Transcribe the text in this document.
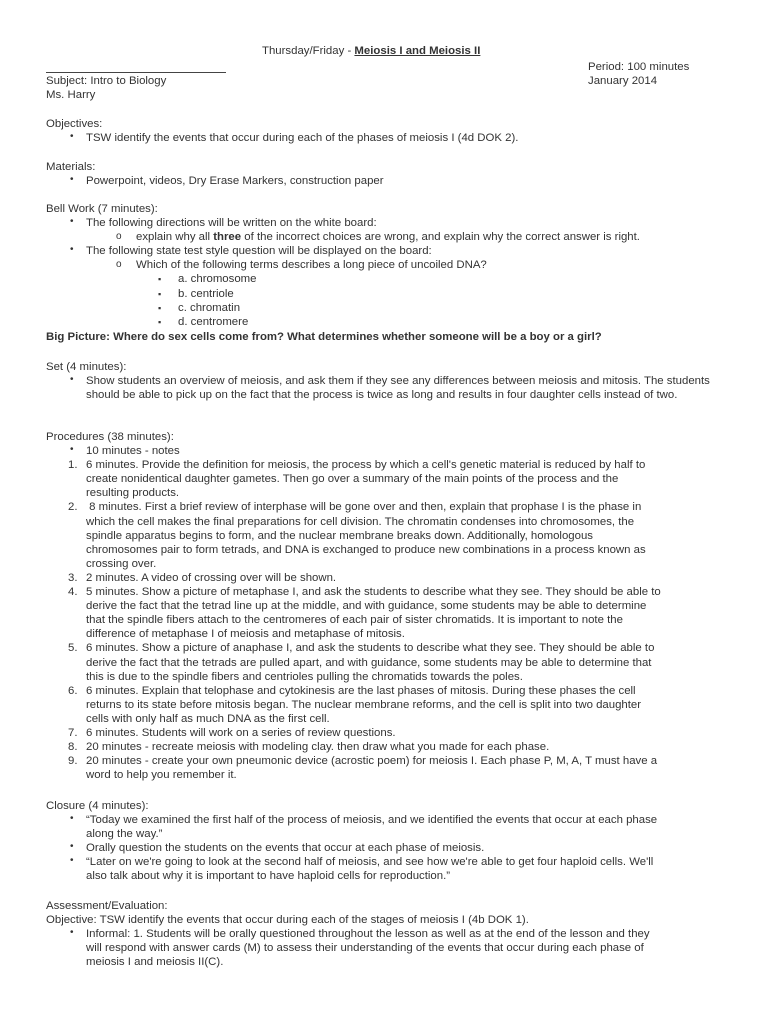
Thursday/Friday - Meiosis I and Meiosis II
Subject: Intro to Biology
Ms. Harry
Period: 100 minutes
January 2014

Objectives:

• TSW identify the events that occur during each of the phases of meiosis I (4d DOK 2).

Materials:

• Powerpoint, videos, Dry Erase Markers, construction paper

Bell Work (7 minutes):

• The following directions will be written on the white board:
o explain why all three of the incorrect choices are wrong, and explain why the correct answer is right.
• The following state test style question will be displayed on the board:
o Which of the following terms describes a long piece of uncoiled DNA?
▪ a. chromosome
▪ b. centriole
▪ c. chromatin
▪ d. centromere

Big Picture: Where do sex cells come from? What determines whether someone will be a boy or a girl?

Set (4 minutes):

• Show students an overview of meiosis, and ask them if they see any differences between meiosis and mitosis. The students should be able to pick up on the fact that the process is twice as long and results in four daughter cells instead of two.

Procedures (38 minutes):

• 10 minutes - notes
1. 6 minutes. Provide the definition for meiosis, the process by which a cell's genetic material is reduced by half to
create nonidentical daughter gametes. Then go over a summary of the main points of the process and the
resulting products.
2. 8 minutes. First a brief review of interphase will be gone over and then, explain that prophase I is the phase in
which the cell makes the final preparations for cell division. The chromatin condenses into chromosomes, the
spindle apparatus begins to form, and the nuclear membrane breaks down. Additionally, homologous
chromosomes pair to form tetrads, and DNA is exchanged to produce new combinations in a process known as
crossing over.
3. 2 minutes. A video of crossing over will be shown.
4. 5 minutes. Show a picture of metaphase I, and ask the students to describe what they see. They should be able to
derive the fact that the tetrad line up at the middle, and with guidance, some students may be able to determine
that the spindle fibers attach to the centromeres of each pair of sister chromatids. It is important to note the
difference of metaphase I of meiosis and metaphase of mitosis.
5. 6 minutes. Show a picture of anaphase I, and ask the students to describe what they see. They should be able to
derive the fact that the tetrads are pulled apart, and with guidance, some students may be able to determine that
this is due to the spindle fibers and centrioles pulling the chromatids towards the poles.
6. 6 minutes. Explain that telophase and cytokinesis are the last phases of mitosis. During these phases the cell
returns to its state before mitosis began. The nuclear membrane reforms, and the cell is split into two daughter
cells with only half as much DNA as the first cell.
7. 6 minutes. Students will work on a series of review questions.
8. 20 minutes - recreate meiosis with modeling clay. then draw what you made for each phase.
9. 20 minutes - create your own pneumonic device (acrostic poem) for meiosis I. Each phase P, M, A, T must have a
word to help you remember it.

Closure (4 minutes):

• “Today we examined the first half of the process of meiosis, and we identified the events that occur at each phase
along the way.”
• Orally question the students on the events that occur at each phase of meiosis.
• “Later on we're going to look at the second half of meiosis, and see how we're able to get four haploid cells. We'll
also talk about why it is important to have haploid cells for reproduction.”

Assessment/Evaluation:

Objective: TSW identify the events that occur during each of the stages of meiosis I (4b DOK 1).

• Informal: 1. Students will be orally questioned throughout the lesson as well as at the end of the lesson and they
will respond with answer cards (M) to assess their understanding of the events that occur during each phase of
meiosis I and meiosis II(C).
